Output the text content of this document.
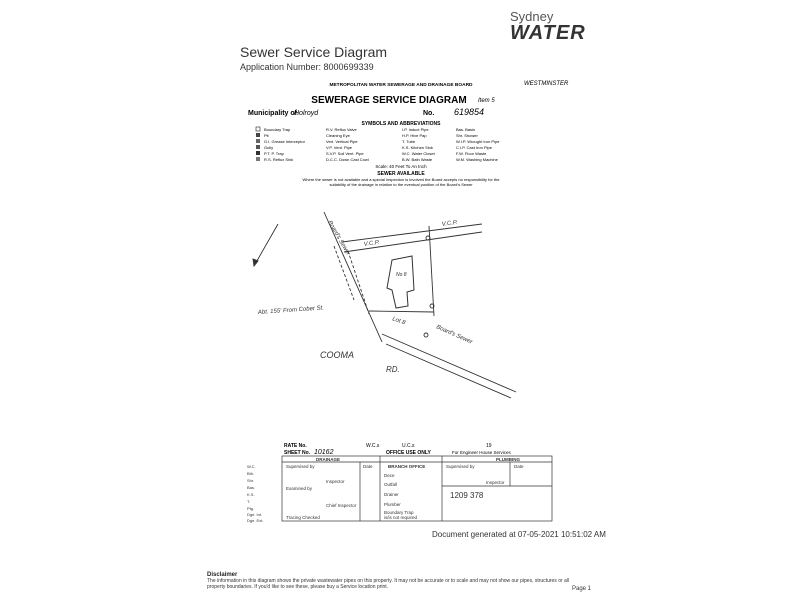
Sydney
WATER
Sewer Service Diagram
Application Number: 8000699339
METROPOLITAN WATER SEWERAGE AND DRAINAGE BOARD	WESTMINSTER
SEWERAGE SERVICE DIAGRAM Item 5
Municipality of
Holroyd	No. 619854
SYMBOLS AND ABBREVIATIONS
Boundary Trap	R.V. Reflux Valve	I.P. Induct Pipe	Bas. Basin
Pit	Cleaning Eye	H.P. Hive Pap	Shr. Shower
G.I. Grease Interceptor	Vert. Vertical Pipe	T. Tube	W.I.P. Wrought Iron Pipe
Gully	V.P. Vent. Pipe	K.S. Kitchen Sink	C.I.P. Cast Iron Pipe
P.T. P. Trap	S.V.P. Soil Vent. Pipe	W.C. Water Closet	F.W. Floor Waste
R.S. Reflux Sink	D.C.C. Down Cast Cowl	B.W. Bath Waste	W.M. Washing Machine
Scale: 40 Feet To An Inch
SEWER AVAILABLE
Where the sewer is not available and a special inspection is involved the Board accepts no responsibility for the
suitability of the drainage in relation to the eventual position of the Board's Sewer
Board's Sewer	V.C.P.
V.C.P.
No 8
Abt. 155' From Cober St.
Lot 8
Board's Sewer
COOMA
RD.
RATE No.	W.C.s	U.C.s	19
SHEET No. 10162	OFFICE USE ONLY	For Engineer House Services
DRAINAGE	PLUMBING
Supervised by	Date
Inspector
Examined by
Chief Inspector
Tracing Checked
BRANCH OFFICE
Dece
Outfall
Drainer
Plumber
Boundary Trap
is/is not required
Supervised by	Date
Inspector
1209 378
W.C.
Bth.
Shr.
Bas.
K.S.
T.
Ptg.
Dge. Int.
Dge. Ext.
Document generated at 07-05-2021 10:51:02 AM
Disclaimer
The information in this diagram shows the private wastewater pipes on this property. It may not be accurate or to scale and may not show our pipes, structures or all property boundaries. If you'd like to see these, please buy a Service location print.	Page 1
